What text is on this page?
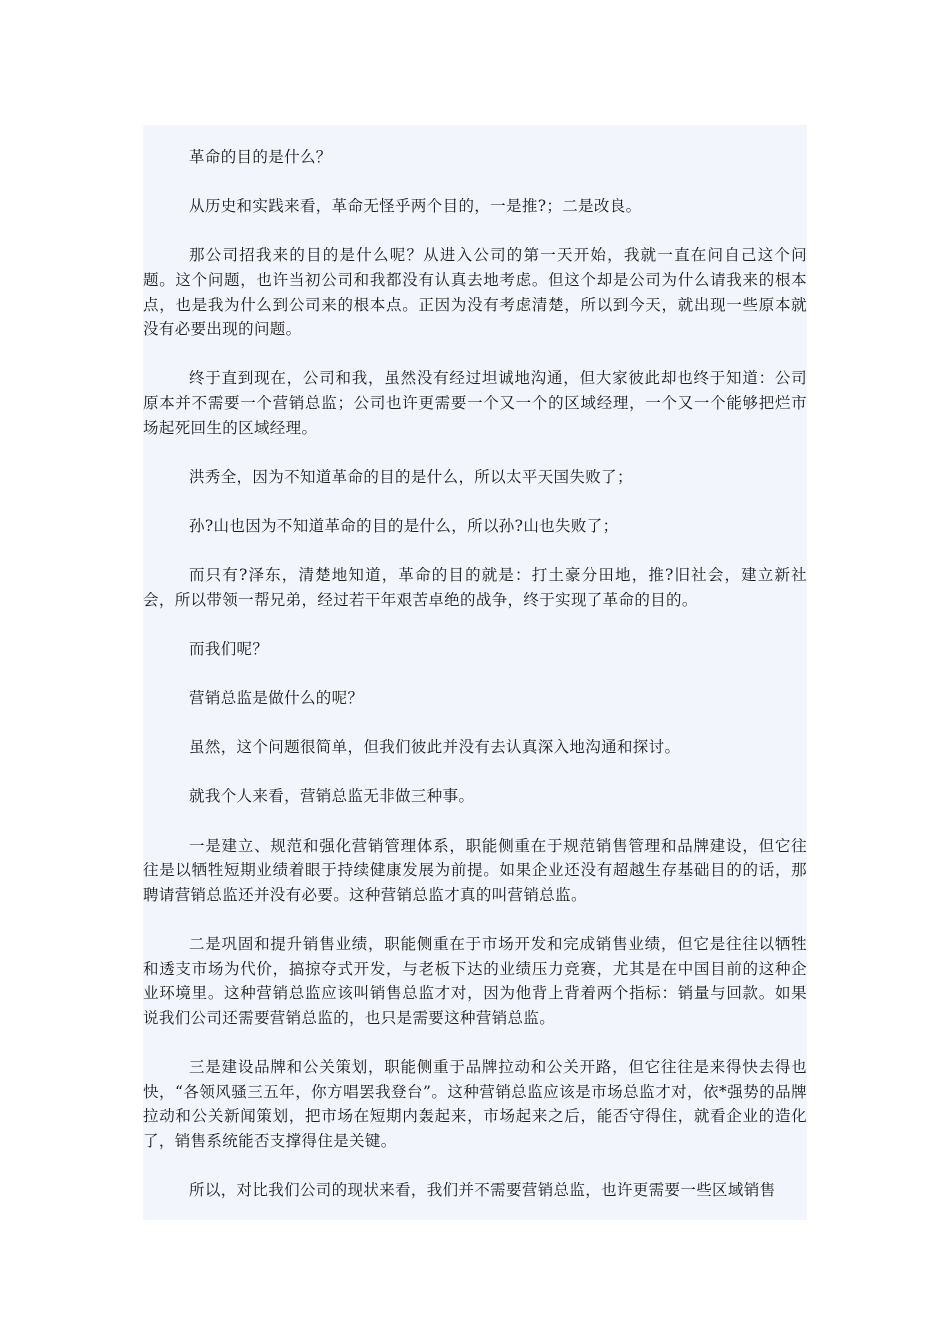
革命的目的是什么？

从历史和实践来看，革命无怪乎两个目的，一是推?；二是改良。

那公司招我来的目的是什么呢？从进入公司的第一天开始，我就一直在问自己这个问题。这个问题，也许当初公司和我都没有认真去地考虑。但这个却是公司为什么请我来的根本点，也是我为什么到公司来的根本点。正因为没有考虑清楚，所以到今天，就出现一些原本就没有必要出现的问题。

终于直到现在，公司和我，虽然没有经过坦诚地沟通，但大家彼此却也终于知道：公司原本并不需要一个营销总监；公司也许更需要一个又一个的区域经理，一个又一个能够把烂市场起死回生的区域经理。

洪秀全，因为不知道革命的目的是什么，所以太平天国失败了；

孙?山也因为不知道革命的目的是什么，所以孙?山也失败了；

而只有?泽东，清楚地知道，革命的目的就是：打土豪分田地，推?旧社会，建立新社会，所以带领一帮兄弟，经过若干年艰苦卓绝的战争，终于实现了革命的目的。

而我们呢？

营销总监是做什么的呢？

虽然，这个问题很简单，但我们彼此并没有去认真深入地沟通和探讨。

就我个人来看，营销总监无非做三种事。

一是建立、规范和强化营销管理体系，职能侧重在于规范销售管理和品牌建设，但它往往是以牺牲短期业绩着眼于持续健康发展为前提。如果企业还没有超越生存基础目的的话，那聘请营销总监还并没有必要。这种营销总监才真的叫营销总监。

二是巩固和提升销售业绩，职能侧重在于市场开发和完成销售业绩，但它是往往以牺牲和透支市场为代价，搞掠夺式开发，与老板下达的业绩压力竞赛，尤其是在中国目前的这种企业环境里。这种营销总监应该叫销售总监才对，因为他背上背着两个指标：销量与回款。如果说我们公司还需要营销总监的，也只是需要这种营销总监。

三是建设品牌和公关策划，职能侧重于品牌拉动和公关开路，但它往往是来得快去得也快，“各领风骚三五年，你方唱罢我登台”。这种营销总监应该是市场总监才对，依*强势的品牌拉动和公关新闻策划，把市场在短期内轰起来，市场起来之后，能否守得住，就看企业的造化了，销售系统能否支撑得住是关键。

所以，对比我们公司的现状来看，我们并不需要营销总监，也许更需要一些区域销售
